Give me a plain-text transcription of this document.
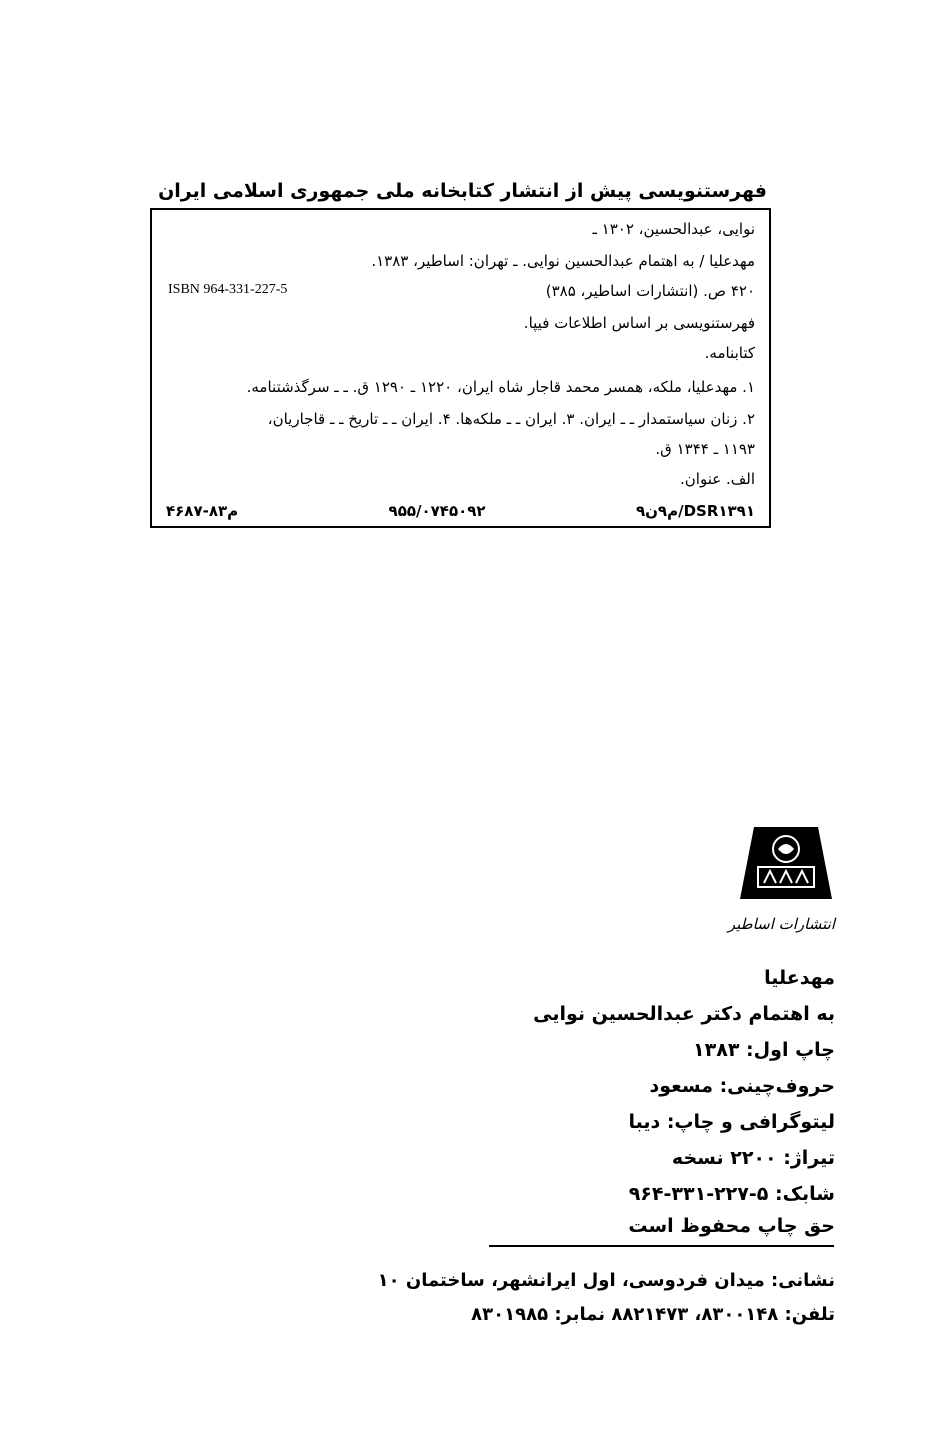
فهرستنویسی پیش از انتشار کتابخانه ملی جمهوری اسلامی ایران
نوایی، عبدالحسین، ۱۳۰۲ ـ
مهدعلیا / به اهتمام عبدالحسین نوایی. ـ تهران: اساطیر، ۱۳۸۳.
۴۲۰ ص. (انتشارات اساطیر، ۳۸۵)
ISBN 964-331-227-5
فهرستنویسی بر اساس اطلاعات فیپا.
کتابنامه.
۱. مهدعلیا، ملکه، همسر محمد قاجار شاه ایران، ۱۲۲۰ ـ ۱۲۹۰ ق. ـ ـ سرگذشتنامه.
۲. زنان سیاستمدار ـ ـ ایران. ۳. ایران ـ ـ ملکه‌ها. ۴. ایران ـ ـ تاریخ ـ ـ قاجاریان،
۱۱۹۳ ـ ۱۳۴۴ ق.
الف. عنوان.
DSR۱۳۹۱/م۹ن۹
۹۵۵/۰۷۴۵۰۹۲
م۸۳-۴۶۸۷
انتشارات اساطیر
مهدعلیا
به اهتمام دکتر عبدالحسین نوایی
چاپ اول: ۱۳۸۳
حروف‌چینی: مسعود
لیتوگرافی و چاپ: دیبا
تیراژ: ۲۲۰۰ نسخه
شابک: ۵-۲۲۷-۳۳۱-۹۶۴
حق چاپ محفوظ است
نشانی: میدان فردوسی، اول ایرانشهر، ساختمان ۱۰
تلفن: ۸۳۰۰۱۴۸، ۸۸۲۱۴۷۳ نمابر: ۸۳۰۱۹۸۵
